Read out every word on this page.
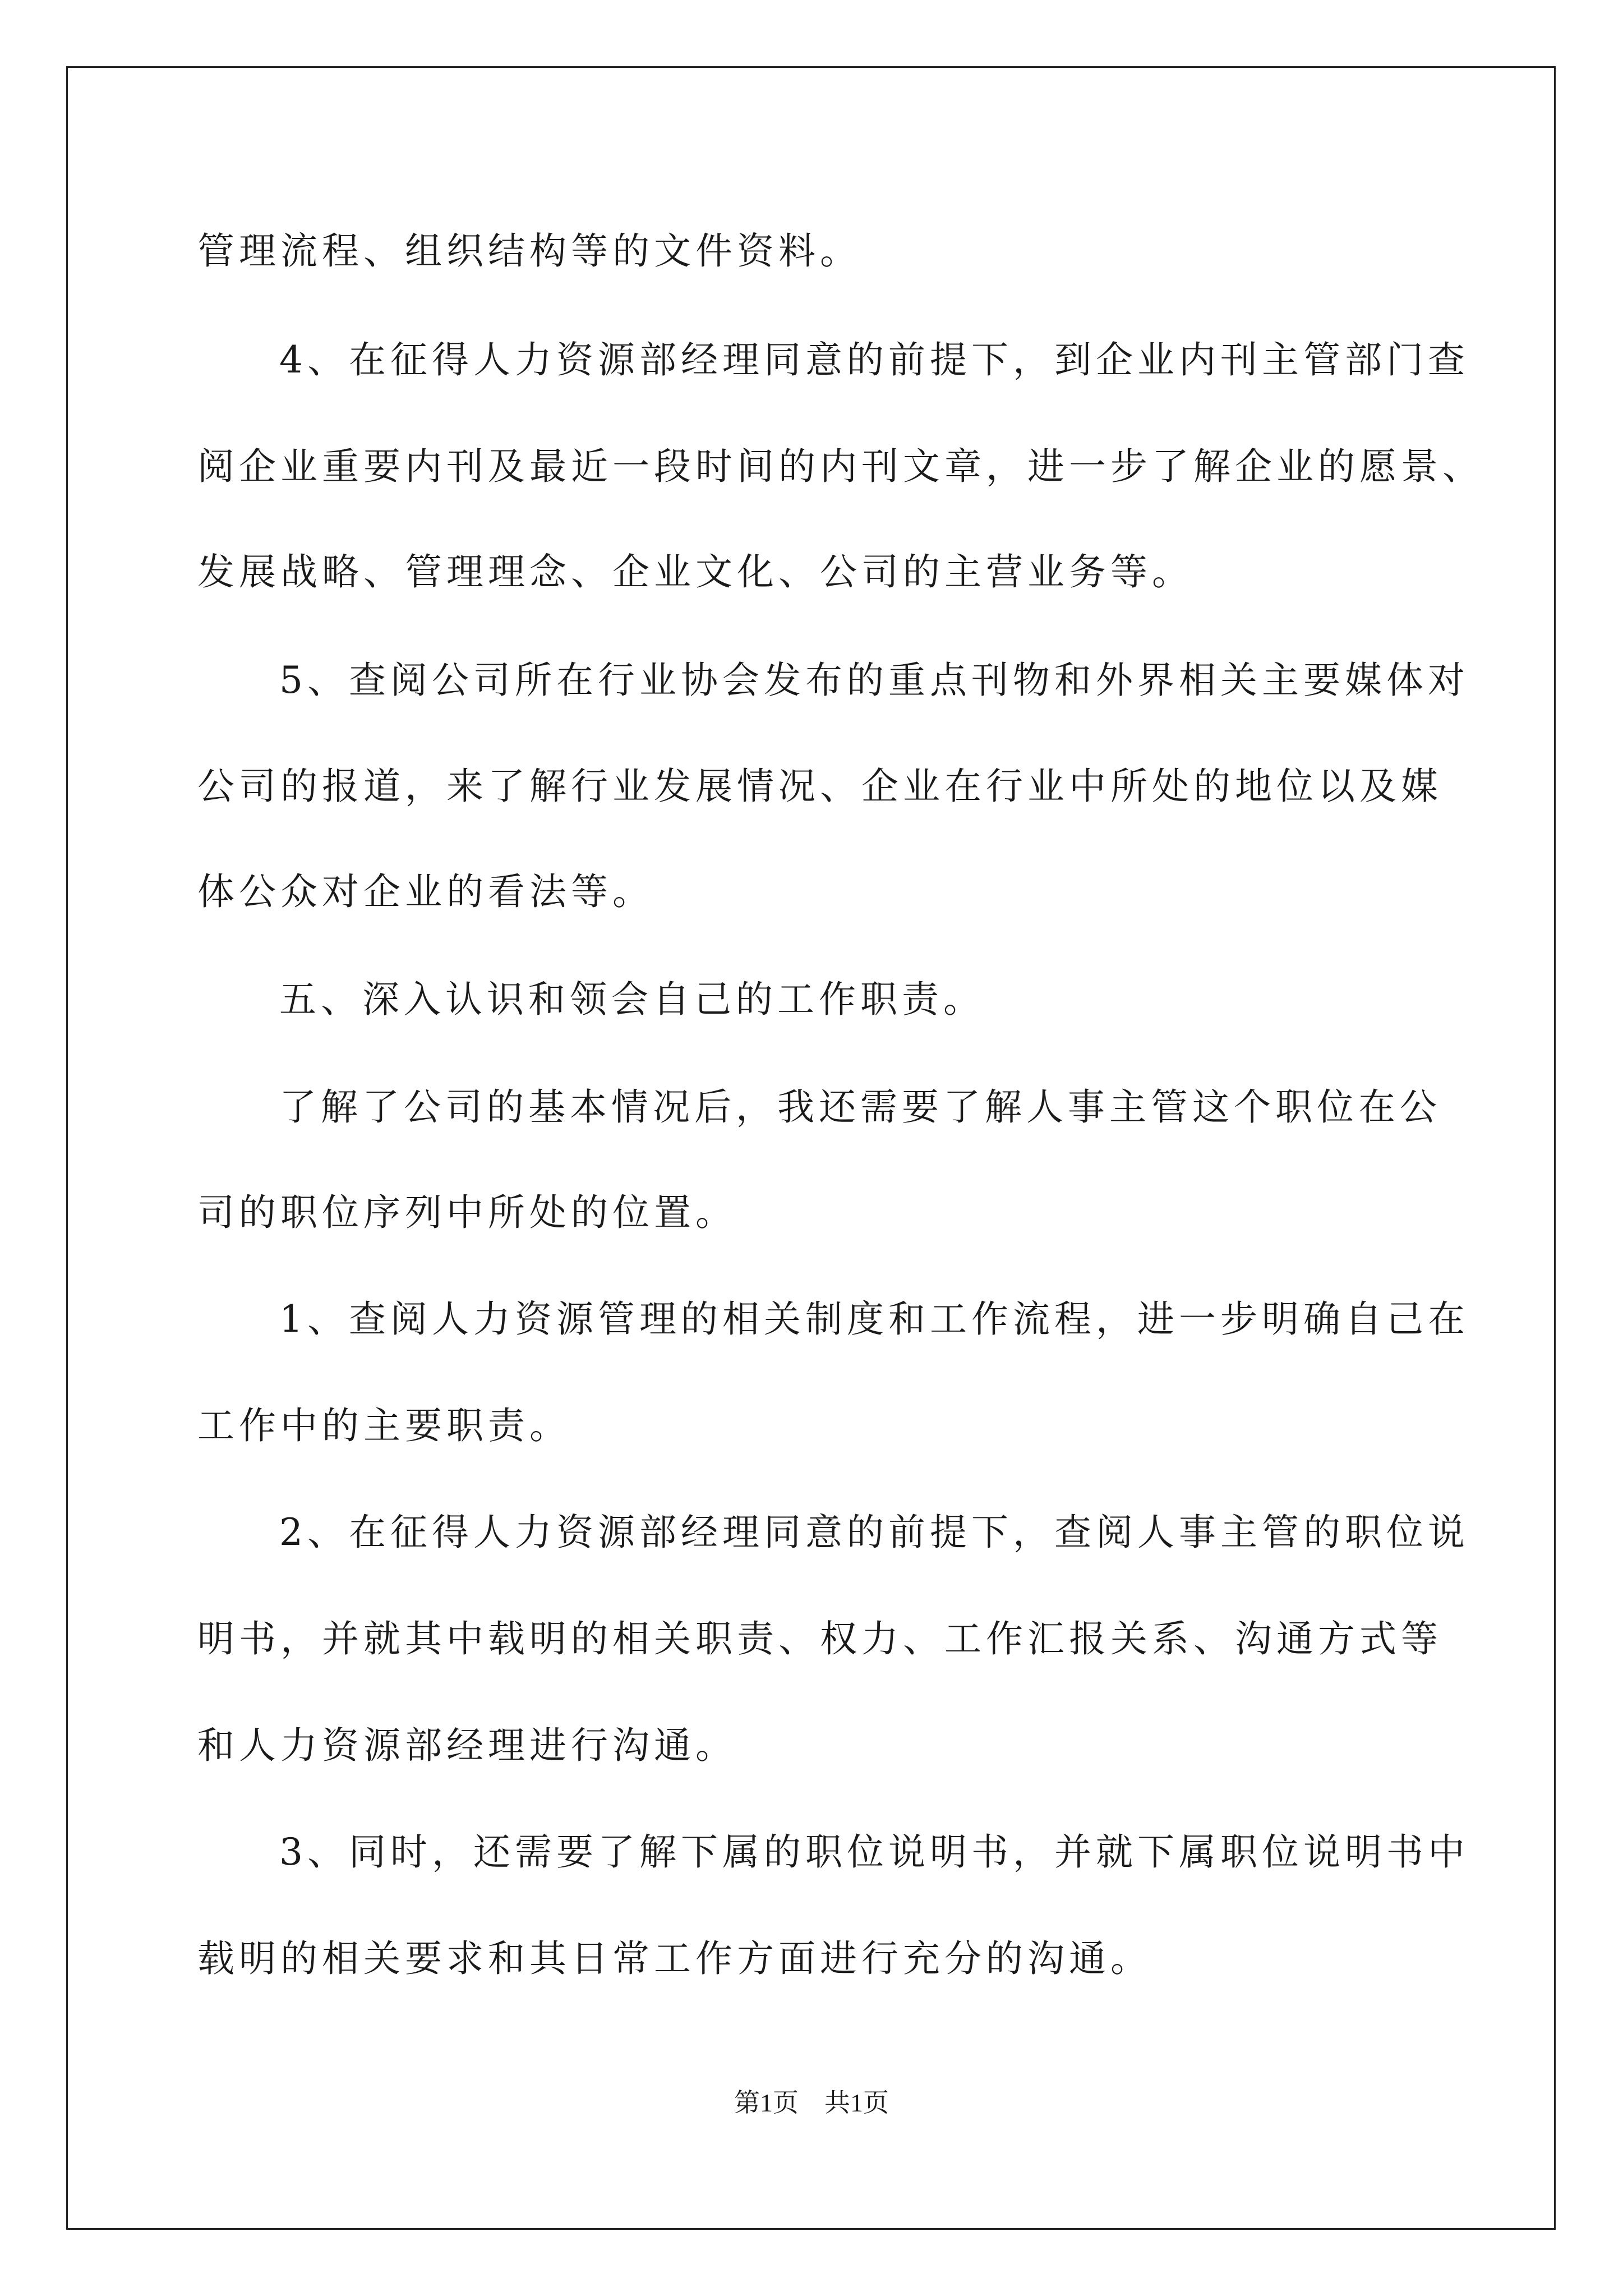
管理流程、组织结构等的文件资料。
4、在征得人力资源部经理同意的前提下，到企业内刊主管部门查
阅企业重要内刊及最近一段时间的内刊文章，进一步了解企业的愿景、
发展战略、管理理念、企业文化、公司的主营业务等。
5、查阅公司所在行业协会发布的重点刊物和外界相关主要媒体对
公司的报道，来了解行业发展情况、企业在行业中所处的地位以及媒
体公众对企业的看法等。
五、深入认识和领会自己的工作职责。
了解了公司的基本情况后，我还需要了解人事主管这个职位在公
司的职位序列中所处的位置。
1、查阅人力资源管理的相关制度和工作流程，进一步明确自己在
工作中的主要职责。
2、在征得人力资源部经理同意的前提下，查阅人事主管的职位说
明书，并就其中载明的相关职责、权力、工作汇报关系、沟通方式等
和人力资源部经理进行沟通。
3、同时，还需要了解下属的职位说明书，并就下属职位说明书中
载明的相关要求和其日常工作方面进行充分的沟通。
第1页　共1页
